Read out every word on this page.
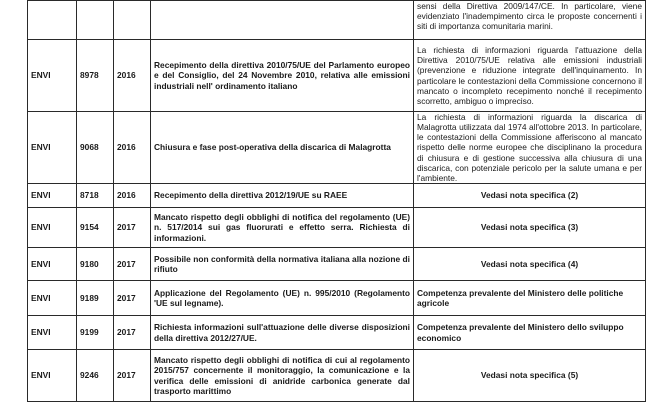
				sensi della Direttiva 2009/147/CE. In particolare, viene evidenziato l'inadempimento circa le proposte concernenti i siti di importanza comunitaria marini.

ENVI	8978	2016	Recepimento della direttiva 2010/75/UE del Parlamento europeo e del Consiglio, del 24 Novembre 2010, relativa alle emissioni industriali nell' ordinamento italiano	La richiesta di informazioni riguarda l'attuazione della Direttiva 2010/75/UE relativa alle emissioni industriali (prevenzione e riduzione integrate dell'inquinamento. In particolare le contestazioni della Commissione concernono il mancato o incompleto recepimento nonché il recepimento scorretto, ambiguo o impreciso.

ENVI	9068	2016	Chiusura e fase post-operativa della discarica di Malagrotta	La richiesta di informazioni riguarda la discarica di Malagrotta utilizzata dal 1974 all'ottobre 2013. In particolare, le contestazioni della Commissione afferiscono al mancato rispetto delle norme europee che disciplinano la procedura di chiusura e di gestione successiva alla chiusura di una discarica, con potenziale pericolo per la salute umana e per l'ambiente.

ENVI	8718	2016	Recepimento della direttiva 2012/19/UE su RAEE	Vedasi nota specifica (2)

ENVI	9154	2017	Mancato rispetto degli obblighi di notifica del regolamento (UE) n. 517/2014 sui gas fluorurati e effetto serra. Richiesta di informazioni.	Vedasi nota specifica (3)

ENVI	9180	2017	Possibile non conformità della normativa italiana alla nozione di rifiuto	Vedasi nota specifica (4)

ENVI	9189	2017	Applicazione del Regolamento (UE) n. 995/2010 (Regolamento 'UE sul legname).	Competenza prevalente del Ministero delle politiche agricole

ENVI	9199	2017	Richiesta informazioni sull'attuazione delle diverse disposizioni della direttiva 2012/27/UE.	Competenza prevalente del Ministero dello sviluppo economico

ENVI	9246	2017	Mancato rispetto degli obblighi di notifica di cui al regolamento 2015/757 concernente il monitoraggio, la comunicazione e la verifica delle emissioni di anidride carbonica generate dal trasporto marittimo	Vedasi nota specifica (5)
